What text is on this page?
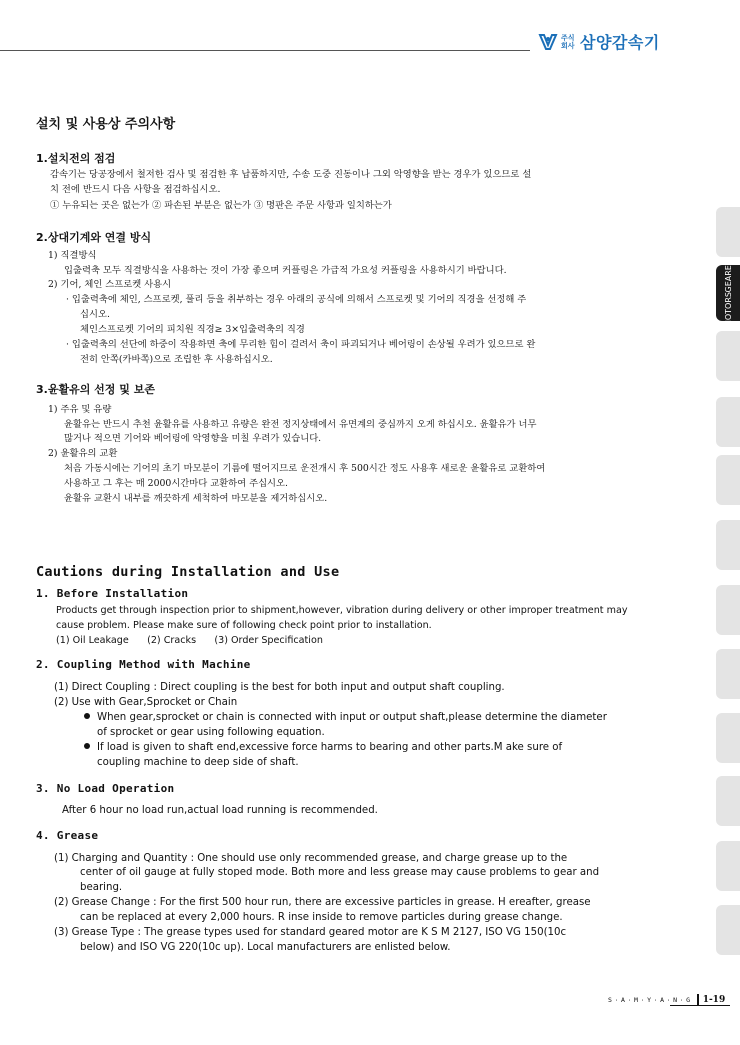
주식
회사 삼양감속기
GEARED
MOTORS
설치 및 사용상 주의사항
1.설치전의 점검
감속기는 당공장에서 철저한 검사 및 점검한 후 납품하지만, 수송 도중 진동이나 그외 악영향을 받는 경우가 있으므로 설
치 전에 반드시 다음 사항을 점검하십시오.
① 누유되는 곳은 없는가 ② 파손된 부분은 없는가 ③ 명판은 주문 사항과 일치하는가
2.상대기계와 연결 방식
1) 직결방식
입출력축 모두 직결방식을 사용하는 것이 가장 좋으며 커플링은 가급적 가요성 커플링을 사용하시기 바랍니다.
2) 기어, 체인 스프로켓 사용시
· 입출력축에 체인, 스프로켓, 풀리 등을 취부하는 경우 아래의 공식에 의해서 스프로켓 및 기어의 직경을 선정해 주
십시오.
체인스프로켓 기어의 피치원 직경≥ 3×입출력축의 직경
· 입출력축의 선단에 하중이 작용하면 축에 무리한 힘이 걸려서 축이 파괴되거나 베어링이 손상될 우려가 있으므로 완
전히 안쪽(카바쪽)으로 조립한 후 사용하십시오.
3.윤활유의 선정 및 보존
1) 주유 및 유량
윤활유는 반드시 추천 윤활유를 사용하고 유량은 완전 정지상태에서 유면계의 중심까지 오게 하십시오. 윤활유가 너무
많거나 적으면 기어와 베어링에 악영향을 미칠 우려가 있습니다.
2) 윤활유의 교환
처음 가동시에는 기어의 초기 마모분이 기름에 떨어지므로 운전개시 후 500시간 정도 사용후 새로운 윤활유로 교환하여
사용하고 그 후는 매 2000시간마다 교환하여 주십시오.
윤활유 교환시 내부를 깨끗하게 세척하여 마모분을 제거하십시오.
Cautions during Installation and Use
1. Before Installation
Products get through inspection prior to shipment,however, vibration during delivery or other improper treatment may
cause problem. Please make sure of following check point prior to installation.
(1) Oil Leakage      (2) Cracks      (3) Order Specification
2. Coupling Method with Machine
(1) Direct Coupling : Direct coupling is the best for both input and output shaft coupling.
(2) Use with Gear,Sprocket or Chain
When gear,sprocket or chain is connected with input or output shaft,please determine the diameter
of sprocket or gear using following equation.
If load is given to shaft end,excessive force harms to bearing and other parts.M ake sure of
coupling machine to deep side of shaft.
3. No Load Operation
After 6 hour no load run,actual load running is recommended.
4. Grease
(1) Charging and Quantity : One should use only recommended grease, and charge grease up to the
center of oil gauge at fully stoped mode. Both more and less grease may cause problems to gear and
bearing.
(2) Grease Change : For the first 500 hour run, there are excessive particles in grease. H ereafter, grease
can be replaced at every 2,000 hours. R inse inside to remove particles during grease change.
(3) Grease Type : The grease types used for standard geared motor are K S M 2127, ISO VG 150(10c
below) and ISO VG 220(10c up). Local manufacturers are enlisted below.
S·A·M·Y·A·N·G 1-19
